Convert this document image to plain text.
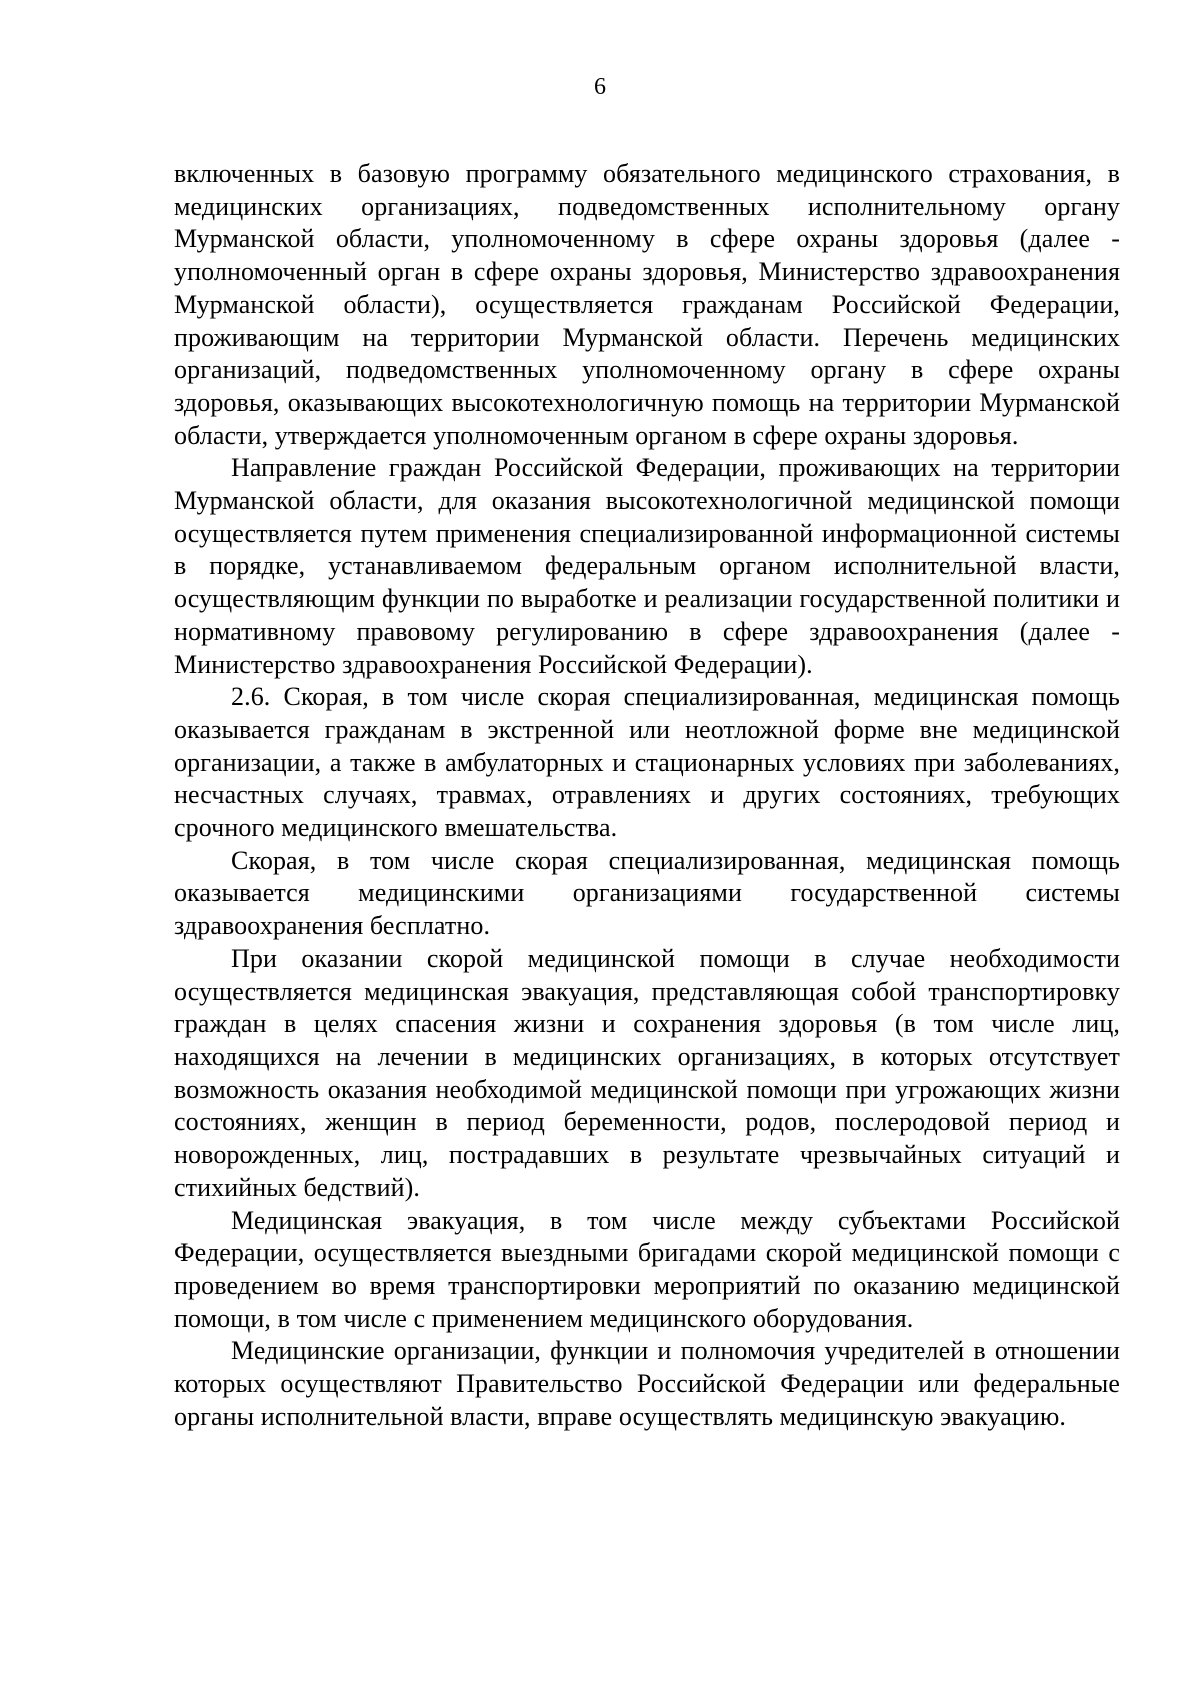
6

включенных в базовую программу обязательного медицинского страхования, в медицинских организациях, подведомственных исполнительному органу Мурманской области, уполномоченному в сфере охраны здоровья (далее - уполномоченный орган в сфере охраны здоровья, Министерство здравоохранения Мурманской области), осуществляется гражданам Российской Федерации, проживающим на территории Мурманской области. Перечень медицинских организаций, подведомственных уполномоченному органу в сфере охраны здоровья, оказывающих высокотехнологичную помощь на территории Мурманской области, утверждается уполномоченным органом в сфере охраны здоровья.

Направление граждан Российской Федерации, проживающих на территории Мурманской области, для оказания высокотехнологичной медицинской помощи осуществляется путем применения специализированной информационной системы в порядке, устанавливаемом федеральным органом исполнительной власти, осуществляющим функции по выработке и реализации государственной политики и нормативному правовому регулированию в сфере здравоохранения (далее - Министерство здравоохранения Российской Федерации).

2.6. Скорая, в том числе скорая специализированная, медицинская помощь оказывается гражданам в экстренной или неотложной форме вне медицинской организации, а также в амбулаторных и стационарных условиях при заболеваниях, несчастных случаях, травмах, отравлениях и других состояниях, требующих срочного медицинского вмешательства.

Скорая, в том числе скорая специализированная, медицинская помощь оказывается медицинскими организациями государственной системы здравоохранения бесплатно.

При оказании скорой медицинской помощи в случае необходимости осуществляется медицинская эвакуация, представляющая собой транспортировку граждан в целях спасения жизни и сохранения здоровья (в том числе лиц, находящихся на лечении в медицинских организациях, в которых отсутствует возможность оказания необходимой медицинской помощи при угрожающих жизни состояниях, женщин в период беременности, родов, послеродовой период и новорожденных, лиц, пострадавших в результате чрезвычайных ситуаций и стихийных бедствий).

Медицинская эвакуация, в том числе между субъектами Российской Федерации, осуществляется выездными бригадами скорой медицинской помощи с проведением во время транспортировки мероприятий по оказанию медицинской помощи, в том числе с применением медицинского оборудования.

Медицинские организации, функции и полномочия учредителей в отношении которых осуществляют Правительство Российской Федерации или федеральные органы исполнительной власти, вправе осуществлять медицинскую эвакуацию.
